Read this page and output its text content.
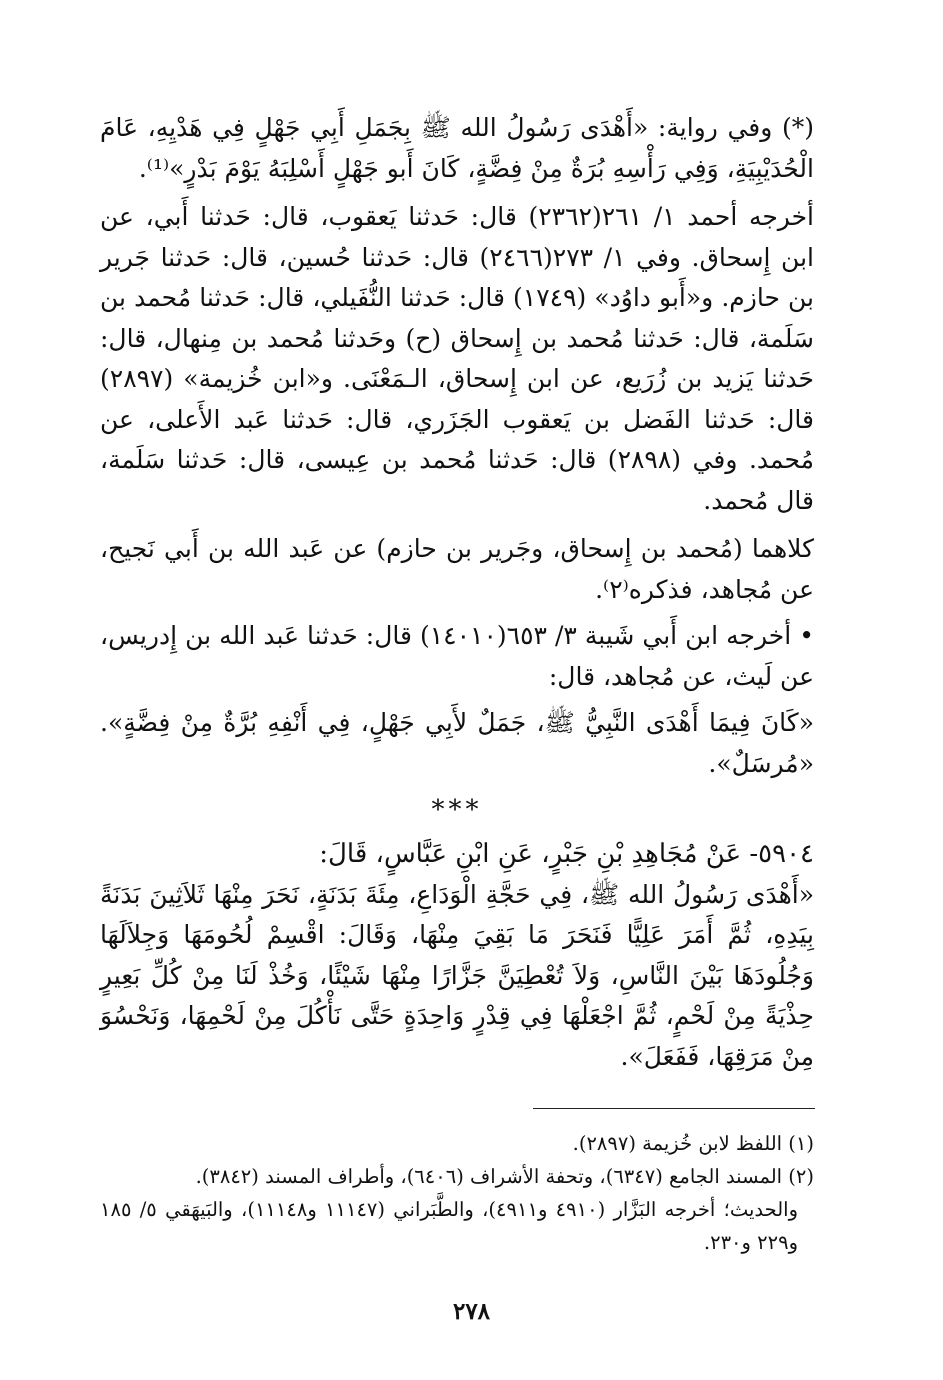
(*) وفي رواية: «أَهْدَى رَسُولُ الله ﷺ بِجَمَلِ أَبِي جَهْلٍ فِي هَدْيِهِ، عَامَ الْحُدَيْبِيَةِ، وَفِي رَأْسِهِ بُرَةٌ مِنْ فِضَّةٍ، كَانَ أَبو جَهْلٍ أَسْلِبَهُ يَوْمَ بَدْرٍ»⁽¹⁾.

أخرجه أحمد ١/ ٢٦١(٢٣٦٢) قال: حَدثنا يَعقوب، قال: حَدثنا أَبي، عن ابن إِسحاق. وفي ١/ ٢٧٣(٢٤٦٦) قال: حَدثنا حُسين، قال: حَدثنا جَرير بن حازم. و«أَبو داوُد» (١٧٤٩) قال: حَدثنا النُّفَيلي، قال: حَدثنا مُحمد بن سَلَمة، قال: حَدثنا مُحمد بن إِسحاق (ح) وحَدثنا مُحمد بن مِنهال، قال: حَدثنا يَزيد بن زُرَيع، عن ابن إِسحاق، الـمَعْنَى. و«ابن خُزيمة» (٢٨٩٧) قال: حَدثنا الفَضل بن يَعقوب الجَزَري، قال: حَدثنا عَبد الأَعلى، عن مُحمد. وفي (٢٨٩٨) قال: حَدثنا مُحمد بن عِيسى، قال: حَدثنا سَلَمة، قال مُحمد.

كلاهما (مُحمد بن إِسحاق، وجَرير بن حازم) عن عَبد الله بن أَبي نَجيح، عن مُجاهد، فذكره⁽٢⁾.

• أخرجه ابن أَبي شَيبة ٣/ ٦٥٣(١٤٠١٠) قال: حَدثنا عَبد الله بن إِدريس، عن لَيث، عن مُجاهد، قال:

«كَانَ فِيمَا أَهْدَى النَّبِيُّ ﷺ، جَمَلٌ لأَبِي جَهْلٍ، فِي أَنْفِهِ بُرَّةٌ مِنْ فِضَّةٍ». «مُرسَلٌ».

***

٥٩٠٤- عَنْ مُجَاهِدِ بْنِ جَبْرٍ، عَنِ ابْنِ عَبَّاسٍ، قَالَ:

«أَهْدَى رَسُولُ الله ﷺ، فِي حَجَّةِ الْوَدَاعِ، مِئَةَ بَدَنَةٍ، نَحَرَ مِنْهَا ثَلاَثِينَ بَدَنَةً بِيَدِهِ، ثُمَّ أَمَرَ عَلِيًّا فَنَحَرَ مَا بَقِيَ مِنْهَا، وَقَالَ: اقْسِمْ لُحُومَهَا وَجِلاَلَهَا وَجُلُودَهَا بَيْنَ النَّاسِ، وَلاَ تُعْطِيَنَّ جَزَّارًا مِنْهَا شَيْئًا، وَخُذْ لَنَا مِنْ كُلِّ بَعِيرٍ حِذْيَةً مِنْ لَحْمٍ، ثُمَّ اجْعَلْهَا فِي قِدْرٍ وَاحِدَةٍ حَتَّى نَأْكُلَ مِنْ لَحْمِهَا، وَنَحْسُوَ مِنْ مَرَقِهَا، فَفَعَلَ».

(١) اللفظ لابن خُزيمة (٢٨٩٧).

(٢) المسند الجامع (٦٣٤٧)، وتحفة الأشراف (٦٤٠٦)، وأطراف المسند (٣٨٤٢).

والحديث؛ أخرجه البَزَّار (٤٩١٠ و٤٩١١)، والطَّبَراني (١١١٤٧ و١١١٤٨)، والبَيهَقي ٥/ ١٨٥ و٢٢٩ و٢٣٠.

٢٧٨
